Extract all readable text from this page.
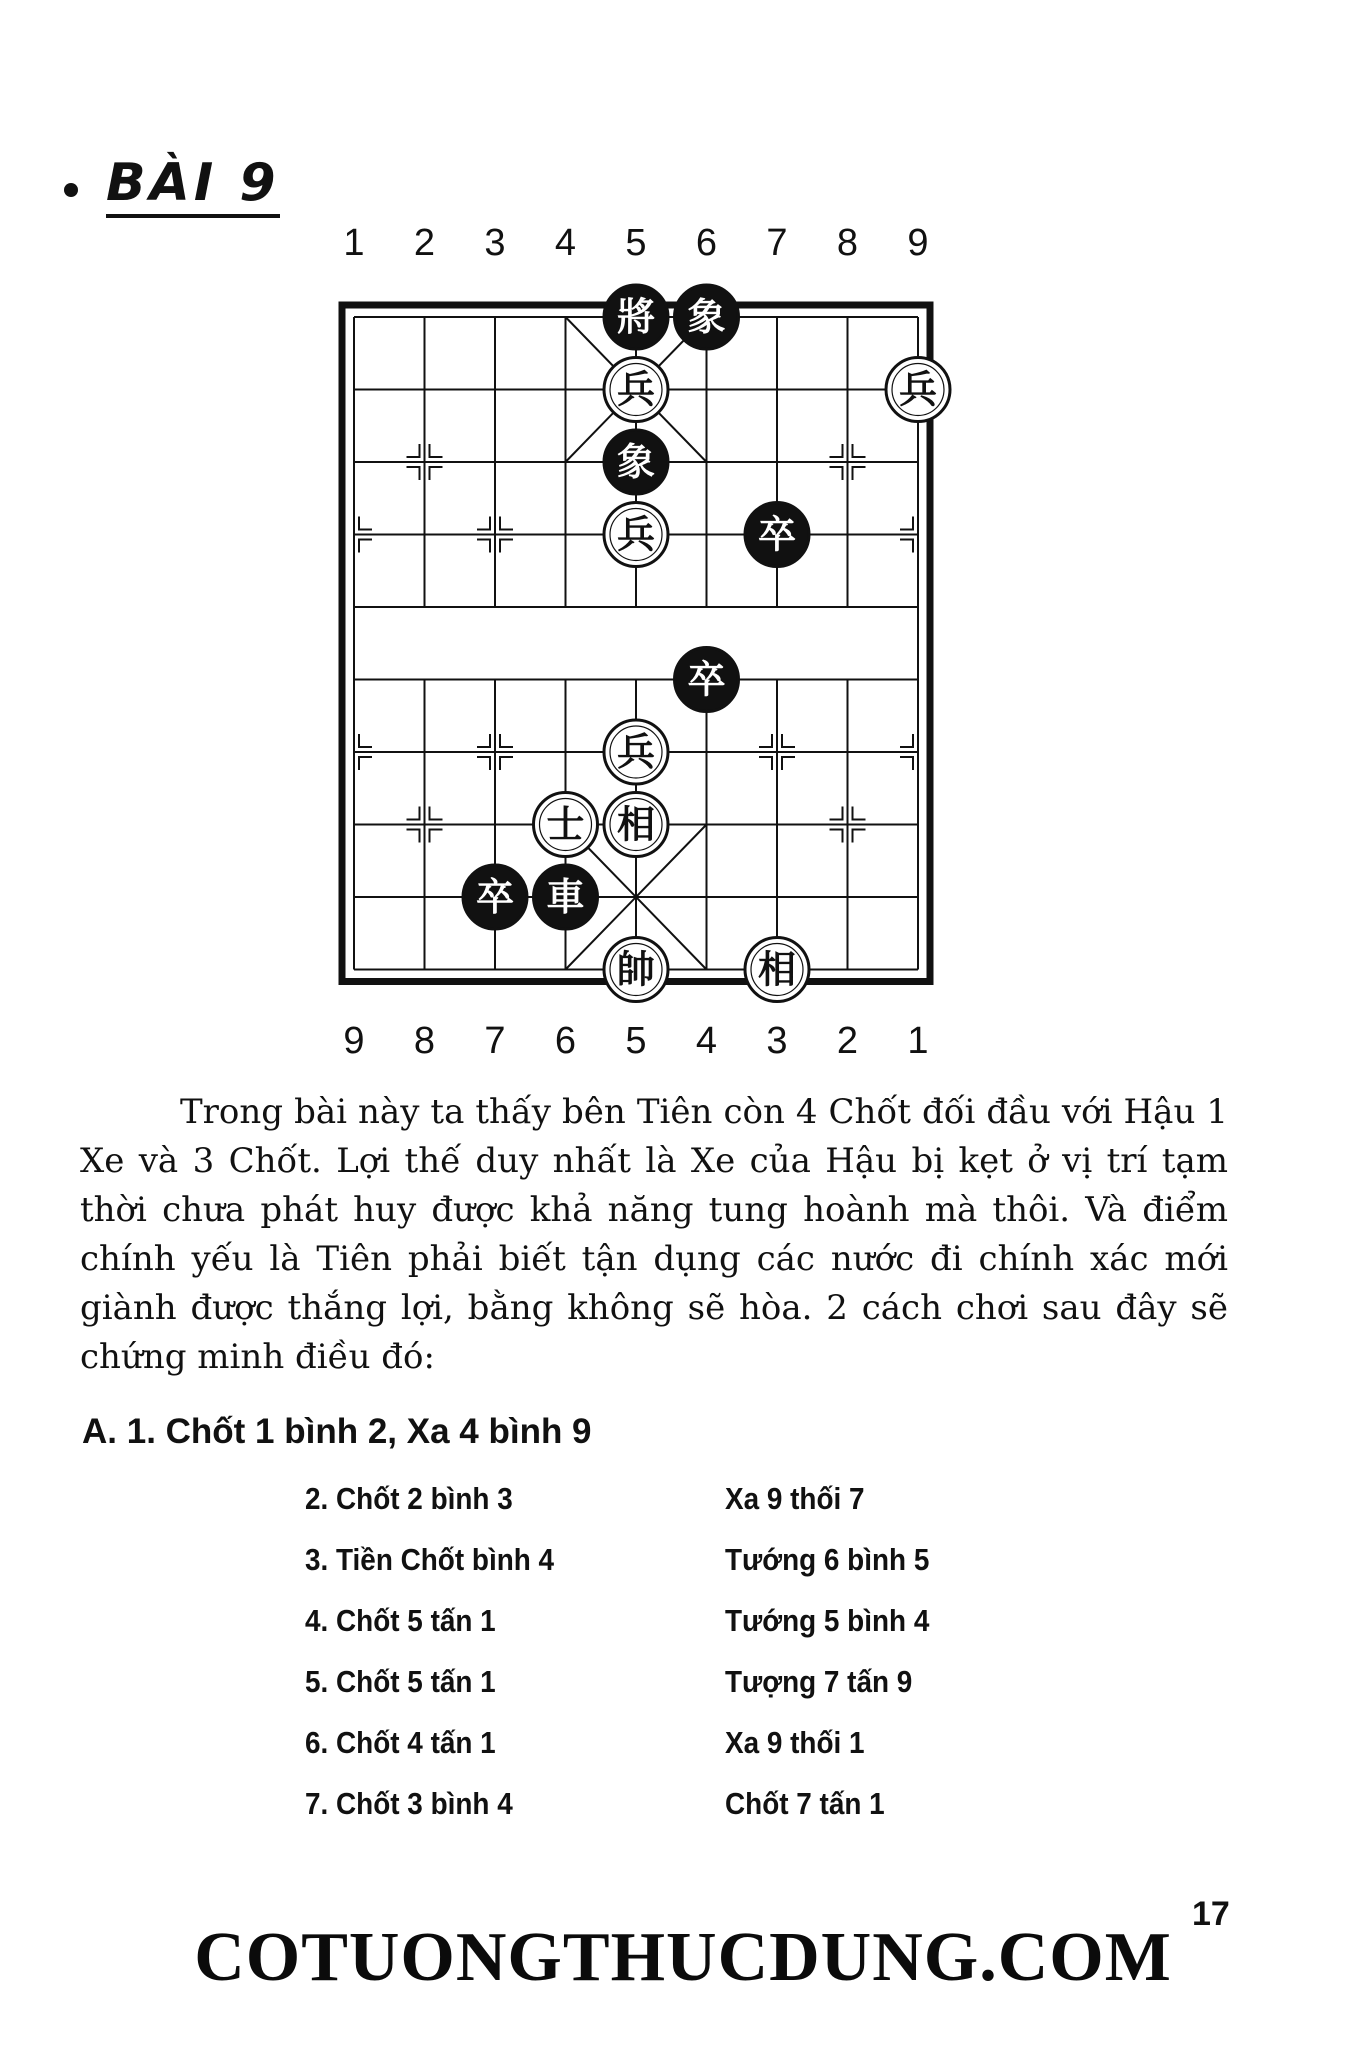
BÀI 9
1 2 3 4 5 6 7 8 9
9 8 7 6 5 4 3 2 1
將 象
兵	兵
象
兵	卒
卒
兵
士 相
卒 車
帥	相

Trong bài này ta thấy bên Tiên còn 4 Chốt đối đầu với Hậu 1 Xe và 3 Chốt. Lợi thế duy nhất là Xe của Hậu bị kẹt ở vị trí tạm thời chưa phát huy được khả năng tung hoành mà thôi. Và điểm chính yếu là Tiên phải biết tận dụng các nước đi chính xác mới giành được thắng lợi, bằng không sẽ hòa. 2 cách chơi sau đây sẽ chứng minh điều đó:

A. 1. Chốt 1 bình 2, Xa 4 bình 9
2. Chốt 2 bình 3	Xa 9 thối 7
3. Tiền Chốt bình 4	Tướng 6 bình 5
4. Chốt 5 tấn 1	Tướng 5 bình 4
5. Chốt 5 tấn 1	Tượng 7 tấn 9
6. Chốt 4 tấn 1	Xa 9 thối 1
7. Chốt 3 bình 4	Chốt 7 tấn 1
17
COTUONGTHUCDUNG.COM
